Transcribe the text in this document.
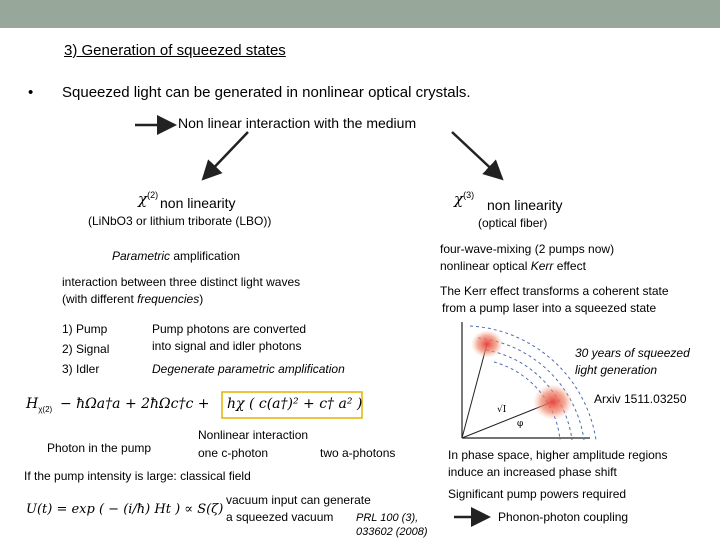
3) Generation of squeezed states
• Squeezed light can be generated in nonlinear optical crystals.
Non linear interaction with the medium
$\chi^{(2)}$ non linearity
(LiNbO3 or lithium triborate (LBO))
Parametric amplification
interaction between three distinct light waves
(with different frequencies)
1) Pump
2) Signal
3) Idler
Pump photons are converted
into signal and idler photons
Degenerate parametric amplification
$H_{\chi(2)}$ − ħΩa†a + 2ħΩc†c + hχ ( c(a†)² + c† a² )
Photon in the pump
Nonlinear interaction
one c-photon	two a-photons
If the pump intensity is large: classical field
U(t) = exp ( − (i/ħ) Ht ) ∝ S(ζ)
vacuum input can generate
a squeezed vacuum PRL 100 (3),
033602 (2008)
$\chi^{(3)}$
non linearity
(optical fiber)
four-wave-mixing (2 pumps now)
nonlinear optical Kerr effect
The Kerr effect transforms a coherent state
from a pump laser into a squeezed state
30 years of squeezed
light generation
Arxiv 1511.03250
√I
φ
In phase space, higher amplitude regions
induce an increased phase shift
Significant pump powers required
Phonon-photon coupling
